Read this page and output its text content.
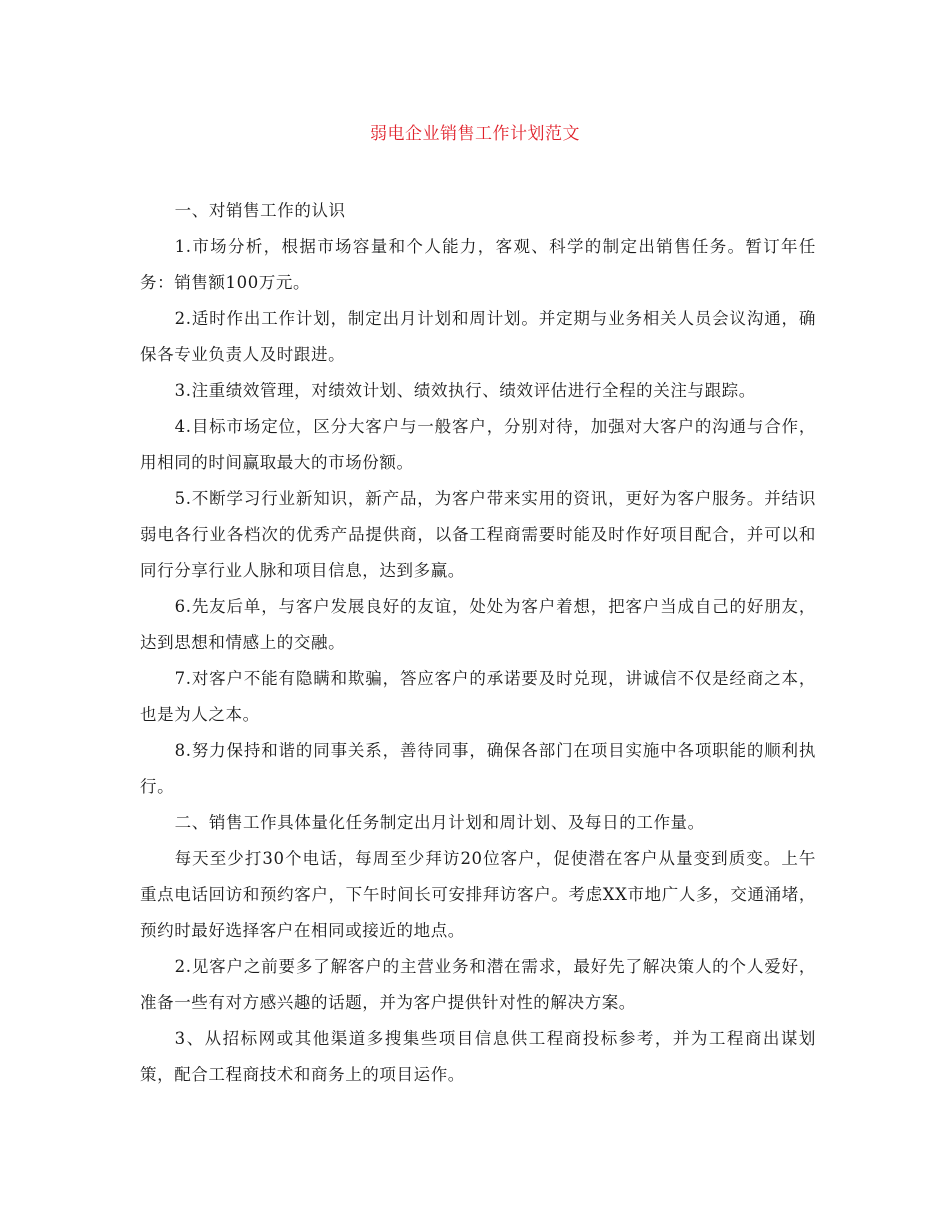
弱电企业销售工作计划范文

一、对销售工作的认识

1.市场分析，根据市场容量和个人能力，客观、科学的制定出销售任务。暂订年任务：销售额100万元。

2.适时作出工作计划，制定出月计划和周计划。并定期与业务相关人员会议沟通，确保各专业负责人及时跟进。

3.注重绩效管理，对绩效计划、绩效执行、绩效评估进行全程的关注与跟踪。

4.目标市场定位，区分大客户与一般客户，分别对待，加强对大客户的沟通与合作，用相同的时间赢取最大的市场份额。

5.不断学习行业新知识，新产品，为客户带来实用的资讯，更好为客户服务。并结识弱电各行业各档次的优秀产品提供商，以备工程商需要时能及时作好项目配合，并可以和同行分享行业人脉和项目信息，达到多赢。

6.先友后单，与客户发展良好的友谊，处处为客户着想，把客户当成自己的好朋友，达到思想和情感上的交融。

7.对客户不能有隐瞒和欺骗，答应客户的承诺要及时兑现，讲诚信不仅是经商之本，也是为人之本。

8.努力保持和谐的同事关系，善待同事，确保各部门在项目实施中各项职能的顺利执行。

二、销售工作具体量化任务制定出月计划和周计划、及每日的工作量。

每天至少打30个电话，每周至少拜访20位客户，促使潜在客户从量变到质变。上午重点电话回访和预约客户，下午时间长可安排拜访客户。考虑XX市地广人多，交通涌堵，预约时最好选择客户在相同或接近的地点。

2.见客户之前要多了解客户的主营业务和潜在需求，最好先了解决策人的个人爱好，准备一些有对方感兴趣的话题，并为客户提供针对性的解决方案。

3、从招标网或其他渠道多搜集些项目信息供工程商投标参考，并为工程商出谋划策，配合工程商技术和商务上的项目运作。
